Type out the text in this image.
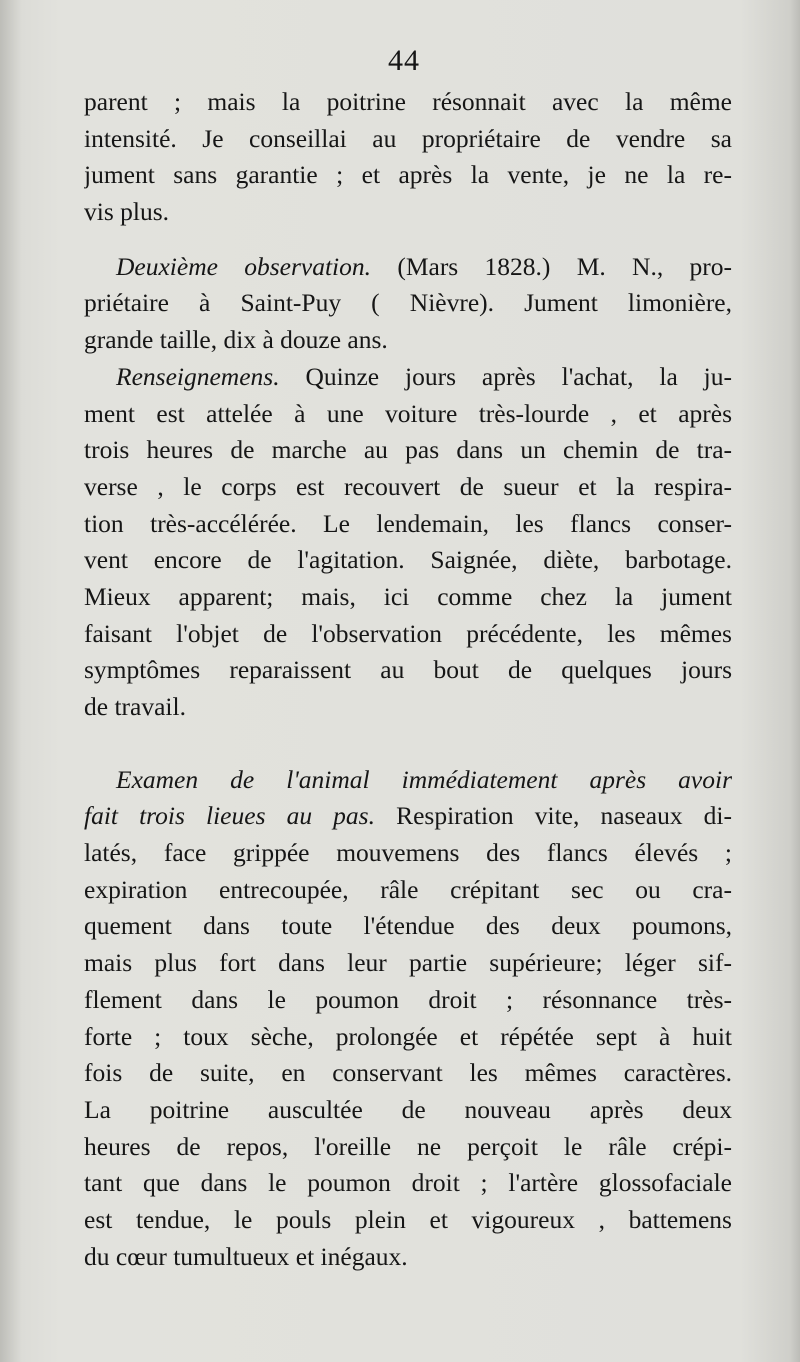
44
parent ; mais la poitrine résonnait avec la même
intensité. Je conseillai au propriétaire de vendre sa
jument sans garantie ; et après la vente, je ne la re-
vis plus.
Deuxième observation. (Mars 1828.) M. N., pro-
priétaire à Saint-Puy ( Nièvre). Jument limonière,
grande taille, dix à douze ans.
Renseignemens. Quinze jours après l'achat, la ju-
ment est attelée à une voiture très-lourde , et après
trois heures de marche au pas dans un chemin de tra-
verse , le corps est recouvert de sueur et la respira-
tion très-accélérée. Le lendemain, les flancs conser-
vent encore de l'agitation. Saignée, diète, barbotage.
Mieux apparent; mais, ici comme chez la jument
faisant l'objet de l'observation précédente, les mêmes
symptômes reparaissent au bout de quelques jours
de travail.
Examen de l'animal immédiatement après avoir
fait trois lieues au pas. Respiration vite, naseaux di-
latés, face grippée mouvemens des flancs élevés ;
expiration entrecoupée, râle crépitant sec ou cra-
quement dans toute l'étendue des deux poumons,
mais plus fort dans leur partie supérieure; léger sif-
flement dans le poumon droit ; résonnance très-
forte ; toux sèche, prolongée et répétée sept à huit
fois de suite, en conservant les mêmes caractères.
La poitrine auscultée de nouveau après deux
heures de repos, l'oreille ne perçoit le râle crépi-
tant que dans le poumon droit ; l'artère glossofaciale
est tendue, le pouls plein et vigoureux , battemens
du cœur tumultueux et inégaux.
